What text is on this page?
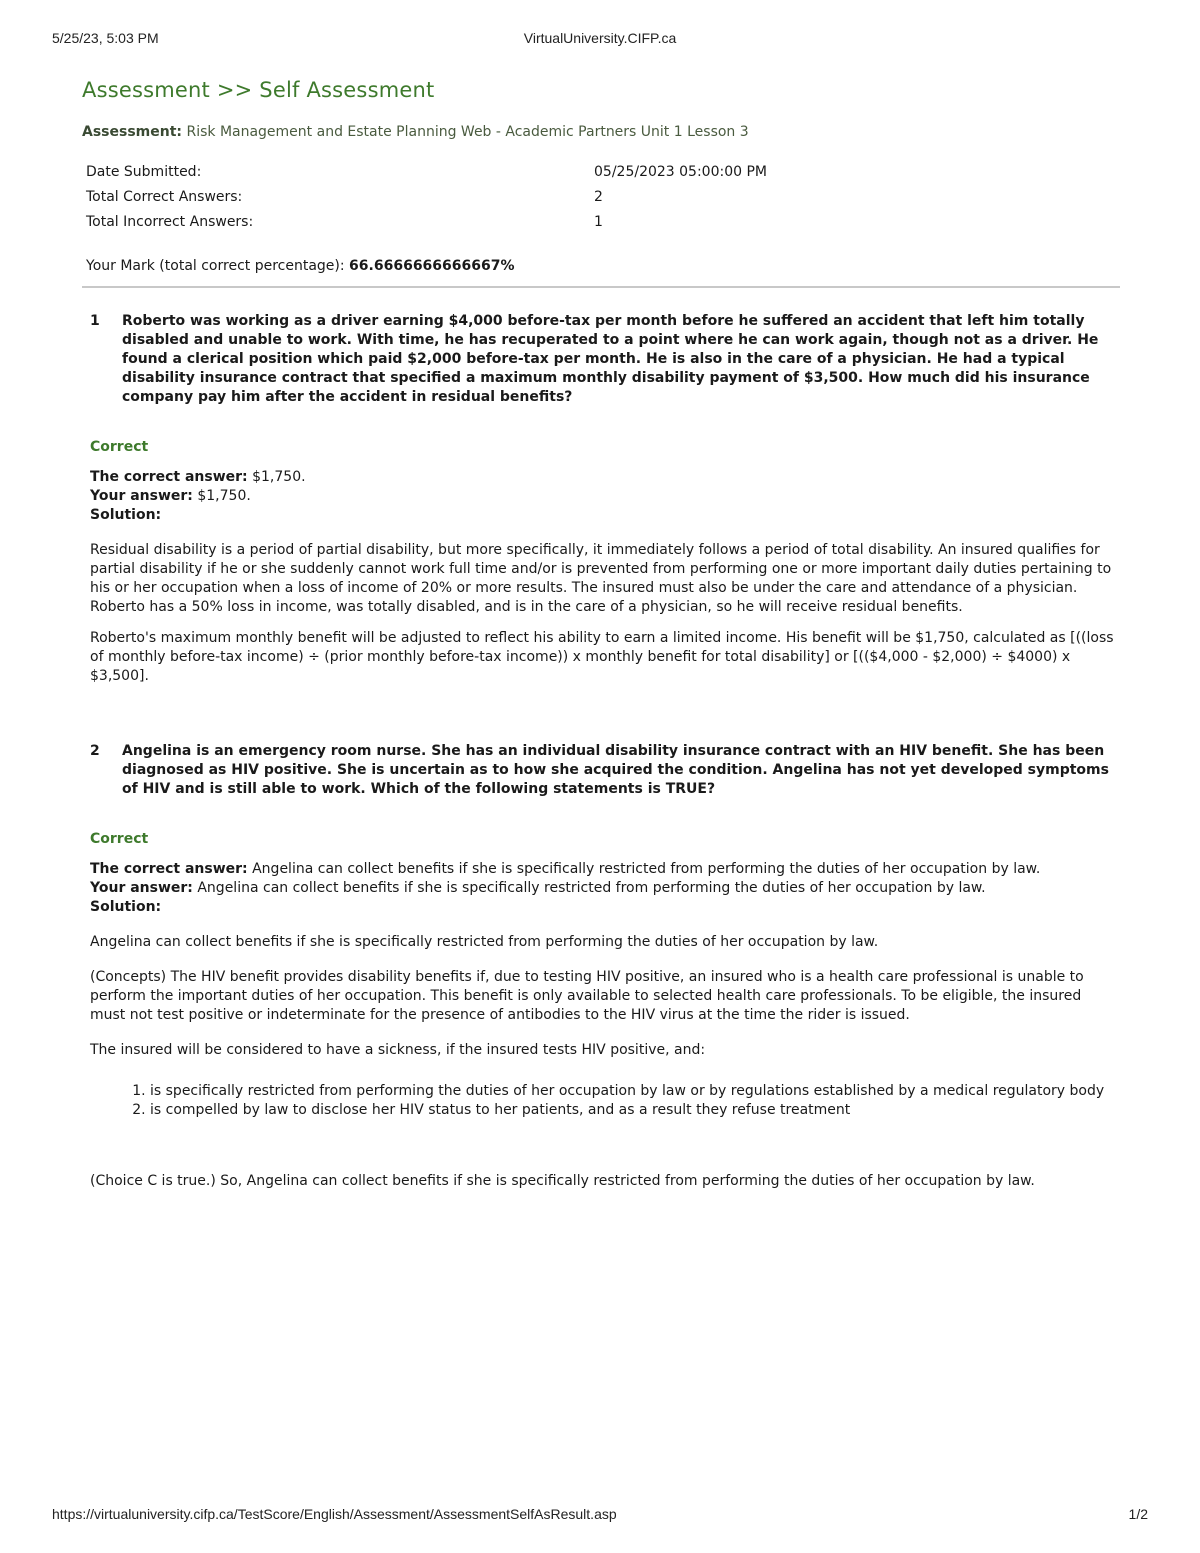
5/25/23, 5:03 PM	VirtualUniversity.CIFP.ca
Assessment >> Self Assessment
Assessment: Risk Management and Estate Planning Web - Academic Partners Unit 1 Lesson 3
Date Submitted:	05/25/2023 05:00:00 PM
Total Correct Answers:	2
Total Incorrect Answers:	1
Your Mark (total correct percentage): 66.6666666666667%
1	Roberto was working as a driver earning $4,000 before-tax per month before he suffered an accident that left him totally disabled and unable to work. With time, he has recuperated to a point where he can work again, though not as a driver. He found a clerical position which paid $2,000 before-tax per month. He is also in the care of a physician. He had a typical disability insurance contract that specified a maximum monthly disability payment of $3,500. How much did his insurance company pay him after the accident in residual benefits?
Correct
The correct answer: $1,750.
Your answer: $1,750.
Solution:

Residual disability is a period of partial disability, but more specifically, it immediately follows a period of total disability. An insured qualifies for partial disability if he or she suddenly cannot work full time and/or is prevented from performing one or more important daily duties pertaining to his or her occupation when a loss of income of 20% or more results. The insured must also be under the care and attendance of a physician. Roberto has a 50% loss in income, was totally disabled, and is in the care of a physician, so he will receive residual benefits.

Roberto's maximum monthly benefit will be adjusted to reflect his ability to earn a limited income. His benefit will be $1,750, calculated as [((loss of monthly before-tax income) ÷ (prior monthly before-tax income)) x monthly benefit for total disability] or [(($4,000 - $2,000) ÷ $4000) x $3,500].

2	Angelina is an emergency room nurse. She has an individual disability insurance contract with an HIV benefit. She has been diagnosed as HIV positive. She is uncertain as to how she acquired the condition. Angelina has not yet developed symptoms of HIV and is still able to work. Which of the following statements is TRUE?
Correct
The correct answer: Angelina can collect benefits if she is specifically restricted from performing the duties of her occupation by law.
Your answer: Angelina can collect benefits if she is specifically restricted from performing the duties of her occupation by law.
Solution:

Angelina can collect benefits if she is specifically restricted from performing the duties of her occupation by law.

(Concepts) The HIV benefit provides disability benefits if, due to testing HIV positive, an insured who is a health care professional is unable to perform the important duties of her occupation. This benefit is only available to selected health care professionals. To be eligible, the insured must not test positive or indeterminate for the presence of antibodies to the HIV virus at the time the rider is issued.

The insured will be considered to have a sickness, if the insured tests HIV positive, and:

1. is specifically restricted from performing the duties of her occupation by law or by regulations established by a medical regulatory body
2. is compelled by law to disclose her HIV status to her patients, and as a result they refuse treatment

(Choice C is true.) So, Angelina can collect benefits if she is specifically restricted from performing the duties of her occupation by law.

https://virtualuniversity.cifp.ca/TestScore/English/Assessment/AssessmentSelfAsResult.asp	1/2
